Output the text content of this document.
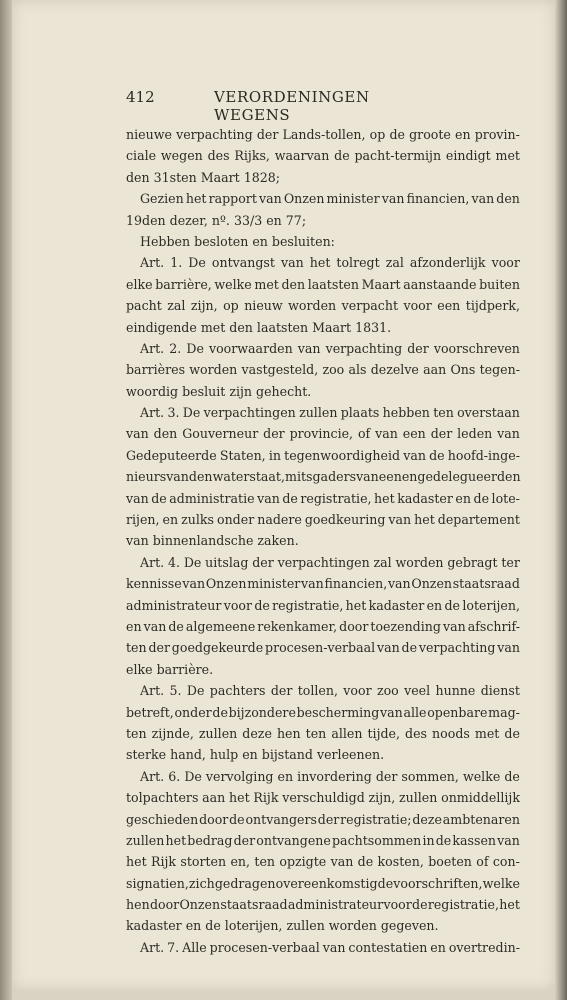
412	VERORDENINGEN WEGENS
nieuwe verpachting der Lands-tollen, op de groote en provin-
ciale wegen des Rijks, waarvan de pacht-termijn eindigt met
den 31sten Maart 1828;
Gezien het rapport van Onzen minister van financien, van den
19den dezer, nº. 33/3 en 77;
Hebben besloten en besluiten:
Art. 1. De ontvangst van het tolregt zal afzonderlijk voor
elke barrière, welke met den laatsten Maart aanstaande buiten
pacht zal zijn, op nieuw worden verpacht voor een tijdperk,
eindigende met den laatsten Maart 1831.
Art. 2. De voorwaarden van verpachting der voorschreven
barrières worden vastgesteld, zoo als dezelve aan Ons tegen-
woordig besluit zijn gehecht.
Art. 3. De verpachtingen zullen plaats hebben ten overstaan
van den Gouverneur der provincie, of van een der leden van
Gedeputeerde Staten, in tegenwoordigheid van de hoofd-inge-
nieurs van den waterstaat, mitsgaders van eenen gedelegueerden
van de administratie van de registratie, het kadaster en de lote-
rijen, en zulks onder nadere goedkeuring van het departement
van binnenlandsche zaken.
Art. 4. De uitslag der verpachtingen zal worden gebragt ter
kennisse van Onzen minister van financien, van Onzen staatsraad
administrateur voor de registratie, het kadaster en de loterijen,
en van de algemeene rekenkamer, door toezending van afschrif-
ten der goedgekeurde procesen-verbaal van de verpachting van
elke barrière.
Art. 5. De pachters der tollen, voor zoo veel hunne dienst
betreft, onder de bijzondere bescherming van alle openbare mag-
ten zijnde, zullen deze hen ten allen tijde, des noods met de
sterke hand, hulp en bijstand verleenen.
Art. 6. De vervolging en invordering der sommen, welke de
tolpachters aan het Rijk verschuldigd zijn, zullen onmiddellijk
geschieden door de ontvangers der registratie; deze ambtenaren
zullen het bedrag der ontvangene pachtsommen in de kassen van
het Rijk storten en, ten opzigte van de kosten, boeten of con-
signatien, zich gedragen overeenkomstig de voorschriften, welke
hen door Onzen staatsraad administrateur voor de registratie, het
kadaster en de loterijen, zullen worden gegeven.
Art. 7. Alle procesen-verbaal van contestatien en overtredin-
